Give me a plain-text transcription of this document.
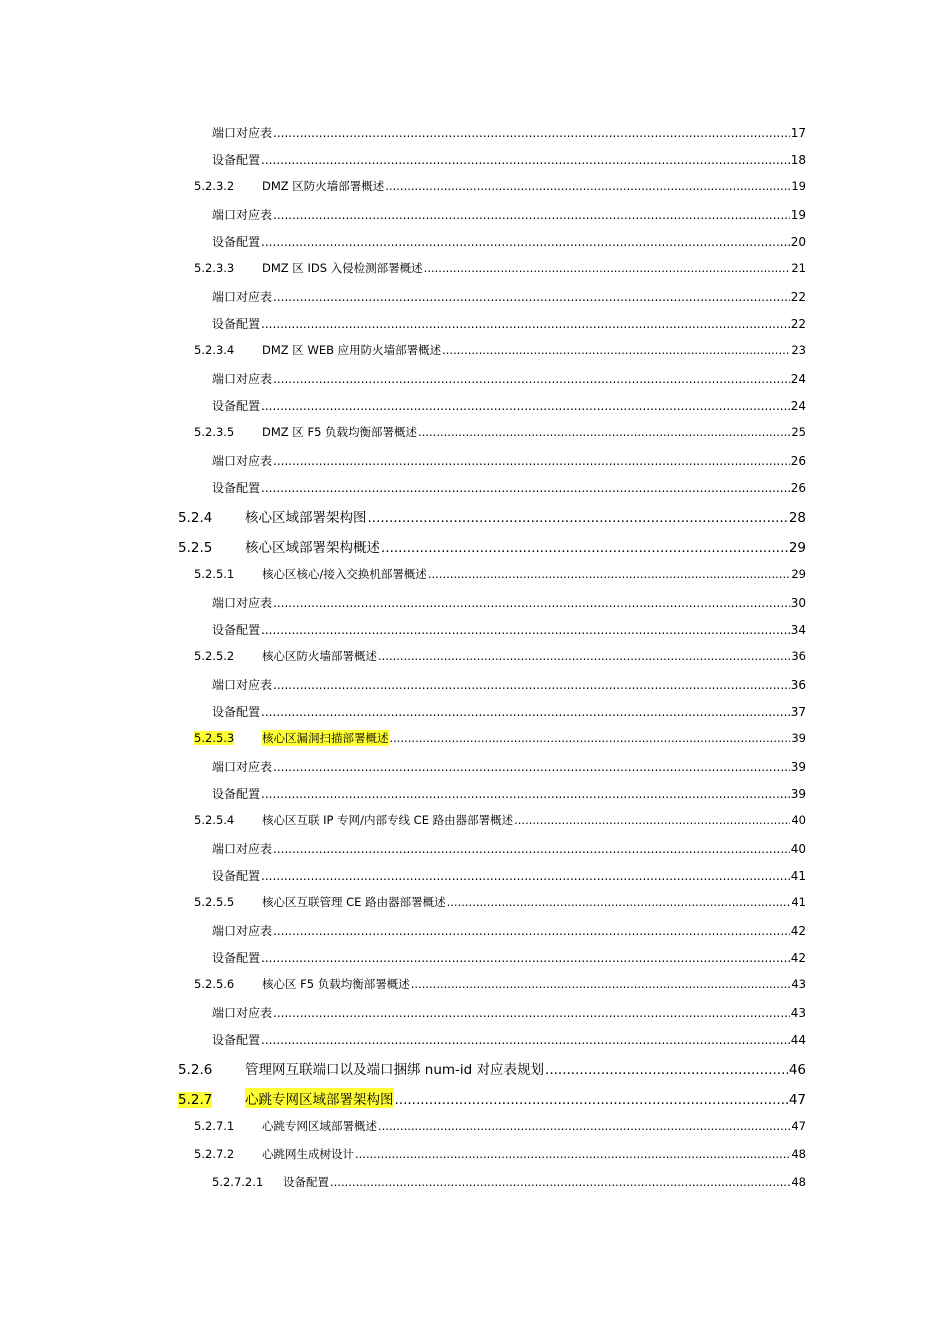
端口对应表 .....	17
设备配置 .....	18
5.2.3.2	DMZ 区防火墙部署概述 .....	19
端口对应表 .....	19
设备配置 .....	20
5.2.3.3	DMZ 区 IDS 入侵检测部署概述 .....	21
端口对应表 .....	22
设备配置 .....	22
5.2.3.4	DMZ 区 WEB 应用防火墙部署概述 .....	23
端口对应表 .....	24
设备配置 .....	24
5.2.3.5	DMZ 区 F5 负载均衡部署概述 .....	25
端口对应表 .....	26
设备配置 .....	26
5.2.4	核心区域部署架构图 .....	28
5.2.5	核心区域部署架构概述 .....	29
5.2.5.1	核心区核心/接入交换机部署概述 .....	29
端口对应表 .....	30
设备配置 .....	34
5.2.5.2	核心区防火墙部署概述 .....	36
端口对应表 .....	36
设备配置 .....	37
5.2.5.3	核心区漏洞扫描部署概述 .....	39
端口对应表 .....	39
设备配置 .....	39
5.2.5.4	核心区互联 IP 专网/内部专线 CE 路由器部署概述 .....	40
端口对应表 .....	40
设备配置 .....	41
5.2.5.5	核心区互联管理 CE 路由器部署概述 .....	41
端口对应表 .....	42
设备配置 .....	42
5.2.5.6	核心区 F5 负载均衡部署概述 .....	43
端口对应表 .....	43
设备配置 .....	44
5.2.6	管理网互联端口以及端口捆绑 num-id 对应表规划 .....	46
5.2.7	心跳专网区域部署架构图 .....	47
5.2.7.1	心跳专网区域部署概述 .....	47
5.2.7.2	心跳网生成树设计 .....	48
5.2.7.2.1	设备配置 .....	48
